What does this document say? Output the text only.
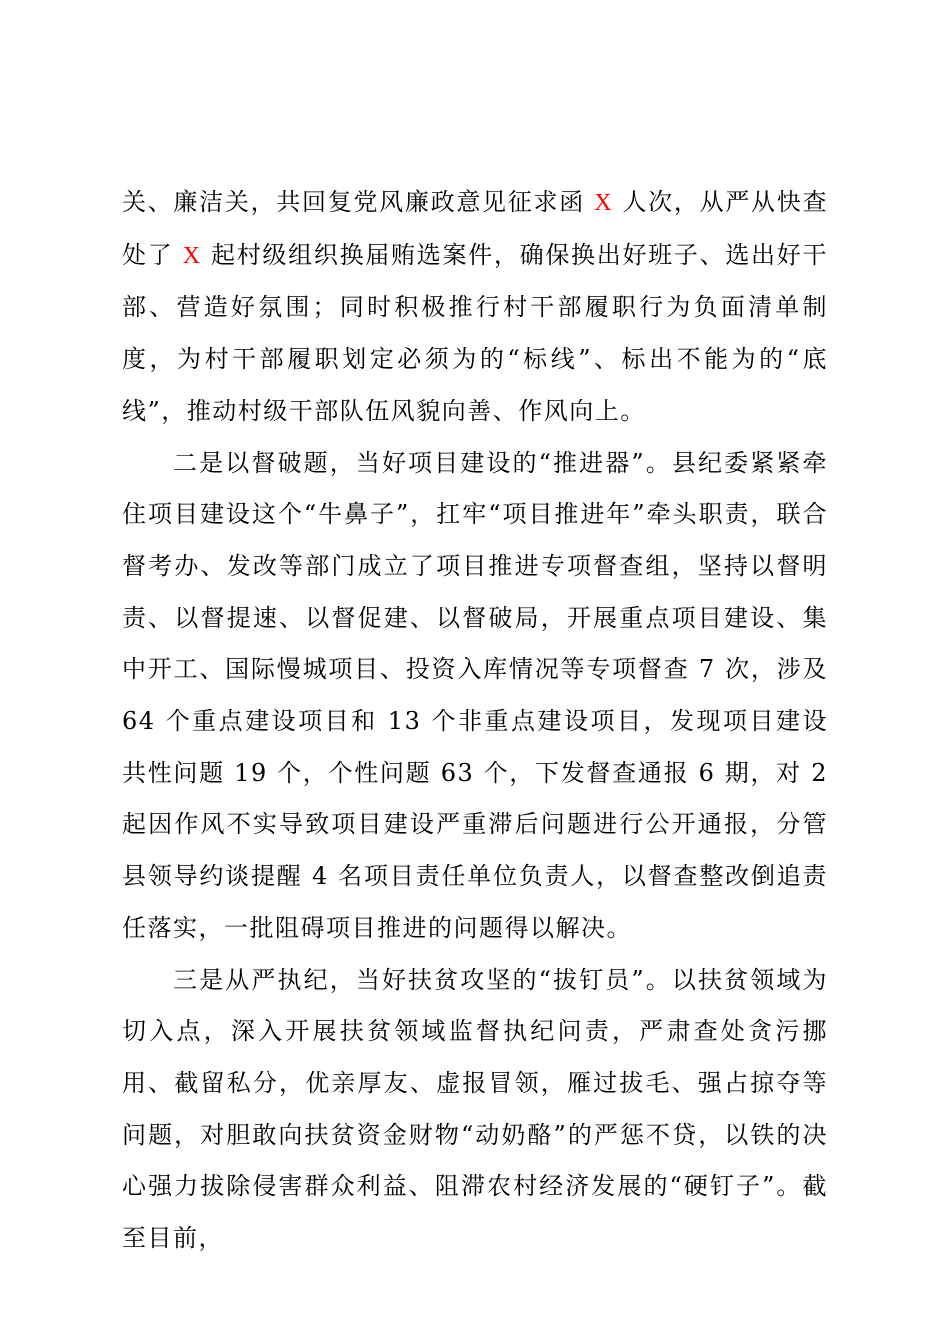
关、廉洁关，共回复党风廉政意见征求函 X 人次，从严从快查处了 X 起村级组织换届贿选案件，确保换出好班子、选出好干部、营造好氛围；同时积极推行村干部履职行为负面清单制度，为村干部履职划定必须为的“标线”、标出不能为的“底线”，推动村级干部队伍风貌向善、作风向上。

二是以督破题，当好项目建设的“推进器”。县纪委紧紧牵住项目建设这个“牛鼻子”，扛牢“项目推进年”牵头职责，联合督考办、发改等部门成立了项目推进专项督查组，坚持以督明责、以督提速、以督促建、以督破局，开展重点项目建设、集中开工、国际慢城项目、投资入库情况等专项督查 7 次，涉及 64 个重点建设项目和 13 个非重点建设项目，发现项目建设共性问题 19 个，个性问题 63 个，下发督查通报 6 期，对 2 起因作风不实导致项目建设严重滞后问题进行公开通报，分管县领导约谈提醒 4 名项目责任单位负责人，以督查整改倒追责任落实，一批阻碍项目推进的问题得以解决。

三是从严执纪，当好扶贫攻坚的“拔钉员”。以扶贫领域为切入点，深入开展扶贫领域监督执纪问责，严肃查处贪污挪用、截留私分，优亲厚友、虚报冒领，雁过拔毛、强占掠夺等问题，对胆敢向扶贫资金财物“动奶酪”的严惩不贷，以铁的决心强力拔除侵害群众利益、阻滞农村经济发展的“硬钉子”。截至目前，
